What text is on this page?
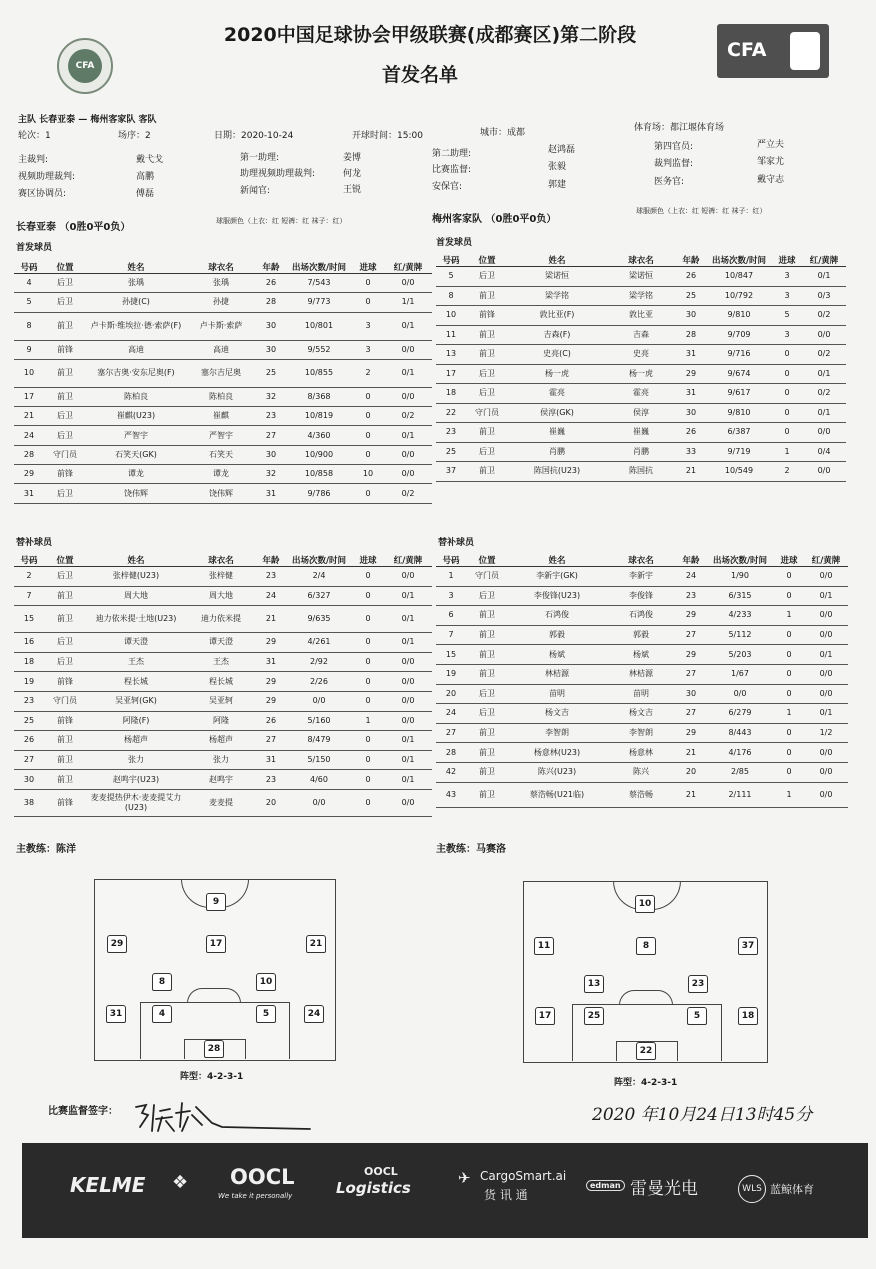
CFA
2020中国足球协会甲级联赛(成都赛区)第二阶段
首发名单
CFA
主队 长春亚泰 — 梅州客家队 客队
轮次：1	场序：2	日期：2020-10-24	开球时间：15:00	城市：成都	体育场：都江堰体育场
主裁判:	戴弋戈	第一助理:	姜博	第二助理:	赵鸿磊	第四官员:	严立夫
视频助理裁判:	高鹏	助理视频助理裁判:	何龙	比赛监督:	张毅	裁判监督:	邹家尤
赛区协调员:	傅磊	新闻官:	王锐	安保官:	郭建	医务官:	戴守志
长春亚泰 （0胜0平0负）
球服颜色（上衣：红 短裤：红 袜子：红）	梅州客家队 （0胜0平0负）
球服颜色（上衣：红 短裤：红 袜子：红）
首发球员	首发球员
号码	位置	姓名	球衣名	年龄	出场次数/时间	进球	红/黄牌
4	后卫	张瑀	张瑀	26	7/543	0	0/0
5	后卫	孙捷(C)	孙捷	28	9/773	0	1/1
8	前卫	卢卡斯·维埃拉·德·索萨(F)	卢卡斯·索萨	30	10/801	3	0/1
9	前锋	高迪	高迪	30	9/552	3	0/0
10	前卫	塞尔吉奥·安东尼奥(F)	塞尔吉尼奥	25	10/855	2	0/1
17	前卫	陈柏良	陈柏良	32	8/368	0	0/0
21	后卫	崔麒(U23)	崔麒	23	10/819	0	0/2
24	后卫	严智宇	严智宇	27	4/360	0	0/1
28	守门员	石笑天(GK)	石笑天	30	10/900	0	0/0
29	前锋	谭龙	谭龙	32	10/858	10	0/0
31	后卫	饶伟辉	饶伟辉	31	9/786	0	0/2
号码	位置	姓名	球衣名	年龄	出场次数/时间	进球	红/黄牌
5	后卫	梁诺恒	梁诺恒	26	10/847	3	0/1
8	前卫	梁学铭	梁学铭	25	10/792	3	0/3
10	前锋	敦比亚(F)	敦比亚	30	9/810	5	0/2
11	前卫	吉森(F)	吉森	28	9/709	3	0/0
13	前卫	史亮(C)	史亮	31	9/716	0	0/2
17	后卫	杨一虎	杨一虎	29	9/674	0	0/1
18	后卫	霍亮	霍亮	31	9/617	0	0/2
22	守门员	侯淳(GK)	侯淳	30	9/810	0	0/1
23	前卫	崔巍	崔巍	26	6/387	0	0/0
25	后卫	肖鹏	肖鹏	33	9/719	1	0/4
37	前卫	陈国抗(U23)	陈国抗	21	10/549	2	0/0
替补球员	替补球员
号码	位置	姓名	球衣名	年龄	出场次数/时间	进球	红/黄牌
2	后卫	张梓健(U23)	张梓健	23	2/4	0	0/0
7	前卫	周大地	周大地	24	6/327	0	0/1
15	前卫	迪力依米提·土地(U23)	迪力依米提	21	9/635	0	0/1
16	后卫	谭天澄	谭天澄	29	4/261	0	0/1
18	后卫	王杰	王杰	31	2/92	0	0/0
19	前锋	程长城	程长城	29	2/26	0	0/0
23	守门员	吴亚轲(GK)	吴亚轲	29	0/0	0	0/0
25	前锋	阿隆(F)	阿隆	26	5/160	1	0/0
26	前卫	杨超声	杨超声	27	8/479	0	0/1
27	前卫	张力	张力	31	5/150	0	0/1
30	前卫	赵鸣宇(U23)	赵鸣宇	23	4/60	0	0/1
38	前锋	麦麦提热伊木·麦麦提艾力(U23)	麦麦提	20	0/0	0	0/0
号码	位置	姓名	球衣名	年龄	出场次数/时间	进球	红/黄牌
1	守门员	李新宇(GK)	李新宇	24	1/90	0	0/0
3	后卫	李俊锋(U23)	李俊锋	23	6/315	0	0/1
6	前卫	石鸿俊	石鸿俊	29	4/233	1	0/0
7	前卫	郭毅	郭毅	27	5/112	0	0/0
15	前卫	杨斌	杨斌	29	5/203	0	0/1
19	前卫	林桔源	林桔源	27	1/67	0	0/0
20	后卫	苗明	苗明	30	0/0	0	0/0
24	后卫	杨文吉	杨文吉	27	6/279	1	0/1
27	前卫	李智朗	李智朗	29	8/443	0	1/2
28	前卫	杨意林(U23)	杨意林	21	4/176	0	0/0
42	前卫	陈兴(U23)	陈兴	20	2/85	0	0/0
43	前卫	蔡浩畅(U21临)	蔡浩畅	21	2/111	1	0/0
主教练：陈洋	主教练：马赛洛
9
29	17	21
8	10
31	4	5	24
28
10
11	8	37
13	23
17	25	5	18
22
阵型：4-2-3-1
阵型：4-2-3-1
比赛监督签字：	2020 年10月24日13时45分
KELME ❖ OOCL
We take it personally
OOCL
Logistics
✈ CargoSmart.ai
货 讯 通
edman 雷曼光电	WLS 蓝鲸体育
